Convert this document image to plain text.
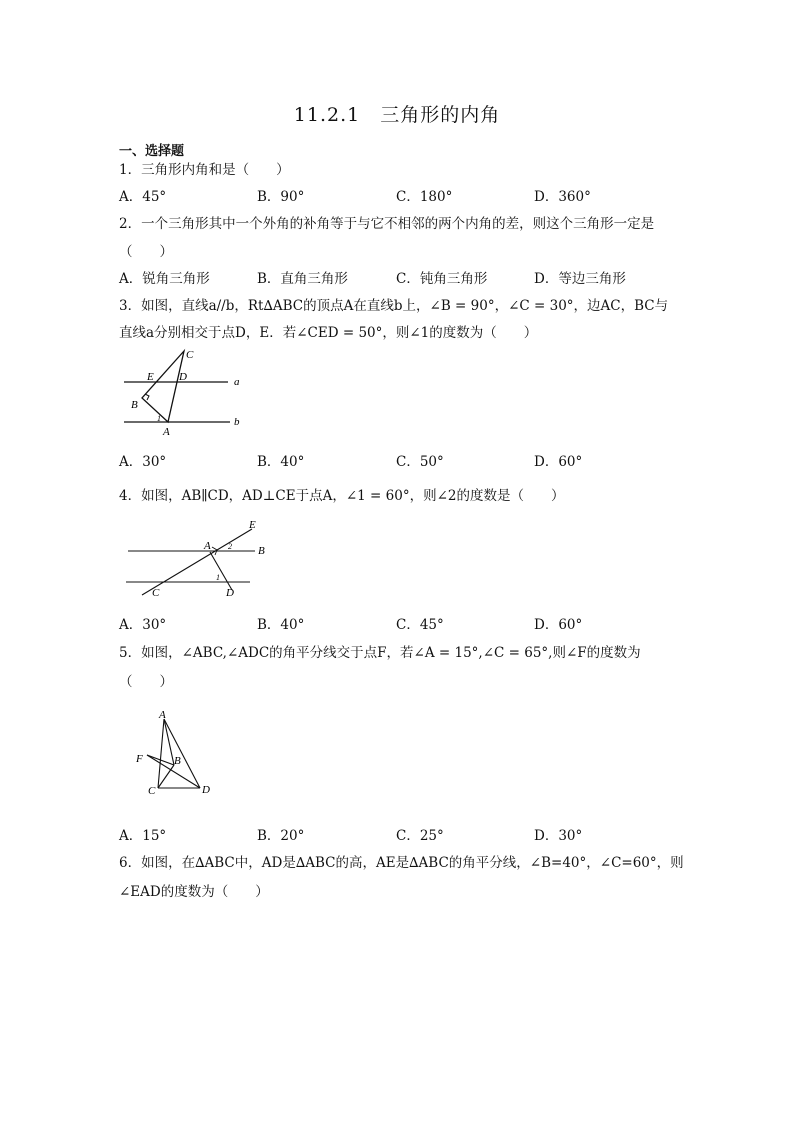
11.2.1　三角形的内角
一、选择题
1．三角形内角和是（　　）
A．45°	B．90°	C．180°	D．360°
2．一个三角形其中一个外角的补角等于与它不相邻的两个内角的差，则这个三角形一定是
（　　）
A．锐角三角形	B．直角三角形	C．钝角三角形	D．等边三角形
3．如图，直线a//b，Rt∆ABC的顶点A在直线b上，∠B = 90°，∠C = 30°，边AC，BC与
直线a分别相交于点D，E．若∠CED = 50°，则∠1的度数为（　　）
C
E D	a
B
A
1	b
A．30°	B．40°	C．50°	D．60°
4．如图，AB∥CD，AD⊥CE于点A，∠1 = 60°，则∠2的度数是（　　）
E
A 2 B
1
C	D
A．30°	B．40°	C．45°	D．60°
5．如图，∠ABC,∠ADC的角平分线交于点F，若∠A = 15°,∠C = 65°,则∠F的度数为
（　　）
A
F	B
C	D
A．15°	B．20°	C．25°	D．30°
6．如图，在∆ABC中，AD是∆ABC的高，AE是∆ABC的角平分线，∠B=40°，∠C=60°，则
∠EAD的度数为（　　）
